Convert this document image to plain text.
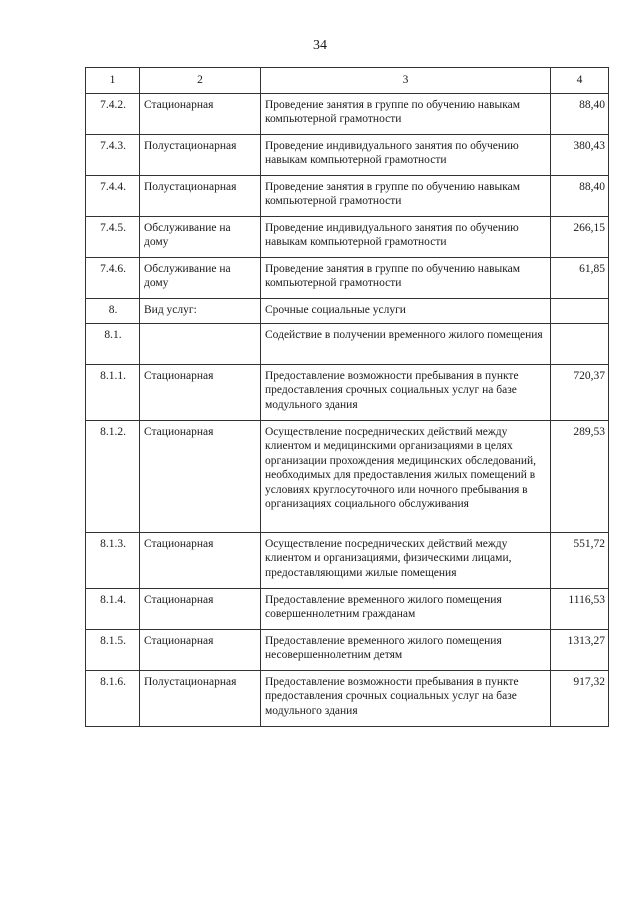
34
1	2	3	4
7.4.2.	Стационарная	Проведение занятия в группе по обучению навыкам компьютерной грамотности	88,40
7.4.3.	Полустационарная	Проведение индивидуального занятия по обучению навыкам компьютерной грамотности	380,43
7.4.4.	Полустационарная	Проведение занятия в группе по обучению навыкам компьютерной грамотности	88,40
7.4.5.	Обслуживание на дому	Проведение индивидуального занятия по обучению навыкам компьютерной грамотности	266,15
7.4.6.	Обслуживание на дому	Проведение занятия в группе по обучению навыкам компьютерной грамотности	61,85
8.	Вид услуг:	Срочные социальные услуги	
8.1.		Содействие в получении временного жилого помещения	
8.1.1.	Стационарная	Предоставление возможности пребывания в пункте предоставления срочных социальных услуг на базе модульного здания	720,37
8.1.2.	Стационарная	Осуществление посреднических действий между клиентом и медицинскими организациями в целях организации прохождения медицинских обследований, необходимых для предоставления жилых помещений в условиях круглосуточного или ночного пребывания в организациях социального обслуживания	289,53
8.1.3.	Стационарная	Осуществление посреднических действий между клиентом и организациями, физическими лицами, предоставляющими жилые помещения	551,72
8.1.4.	Стационарная	Предоставление временного жилого помещения совершеннолетним гражданам	1116,53
8.1.5.	Стационарная	Предоставление временного жилого помещения несовершеннолетним детям	1313,27
8.1.6.	Полустационарная	Предоставление возможности пребывания в пункте предоставления срочных социальных услуг на базе модульного здания	917,32
